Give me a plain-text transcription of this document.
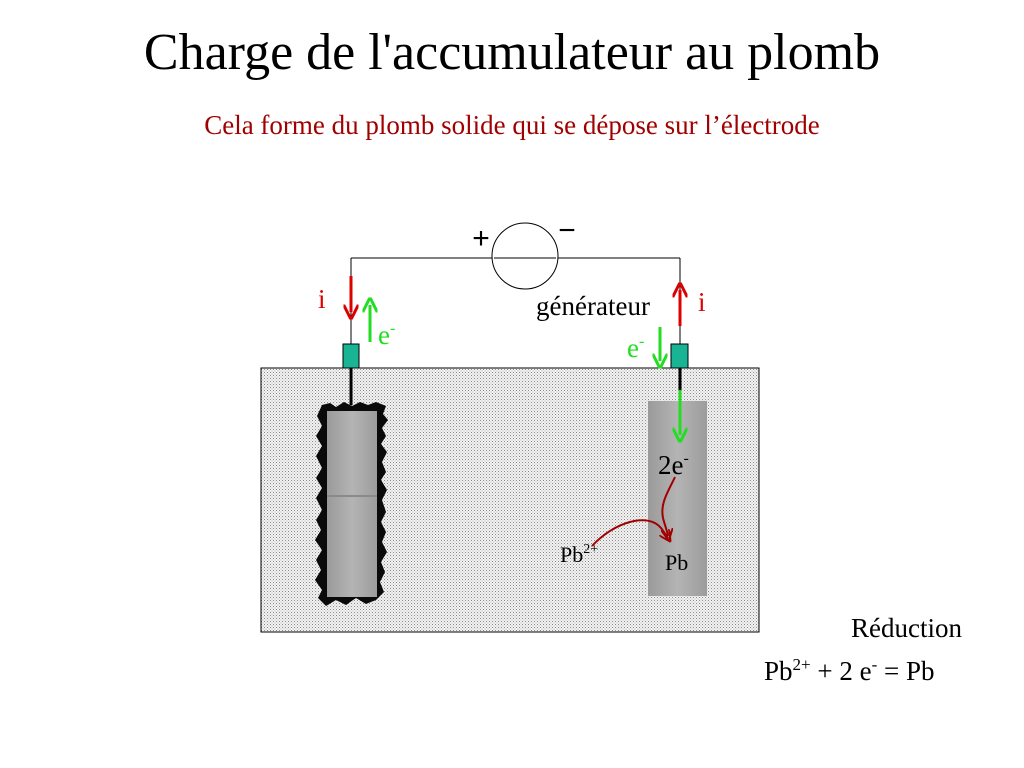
Charge de l'accumulateur au plomb
Cela forme du plomb solide qui se dépose sur l’électrode
+ −
générateur
i	i
e-
e-
2e-
$Pb^{2+}$
Pb
Réduction
$Pb^{2+} + 2$ e- = Pb
